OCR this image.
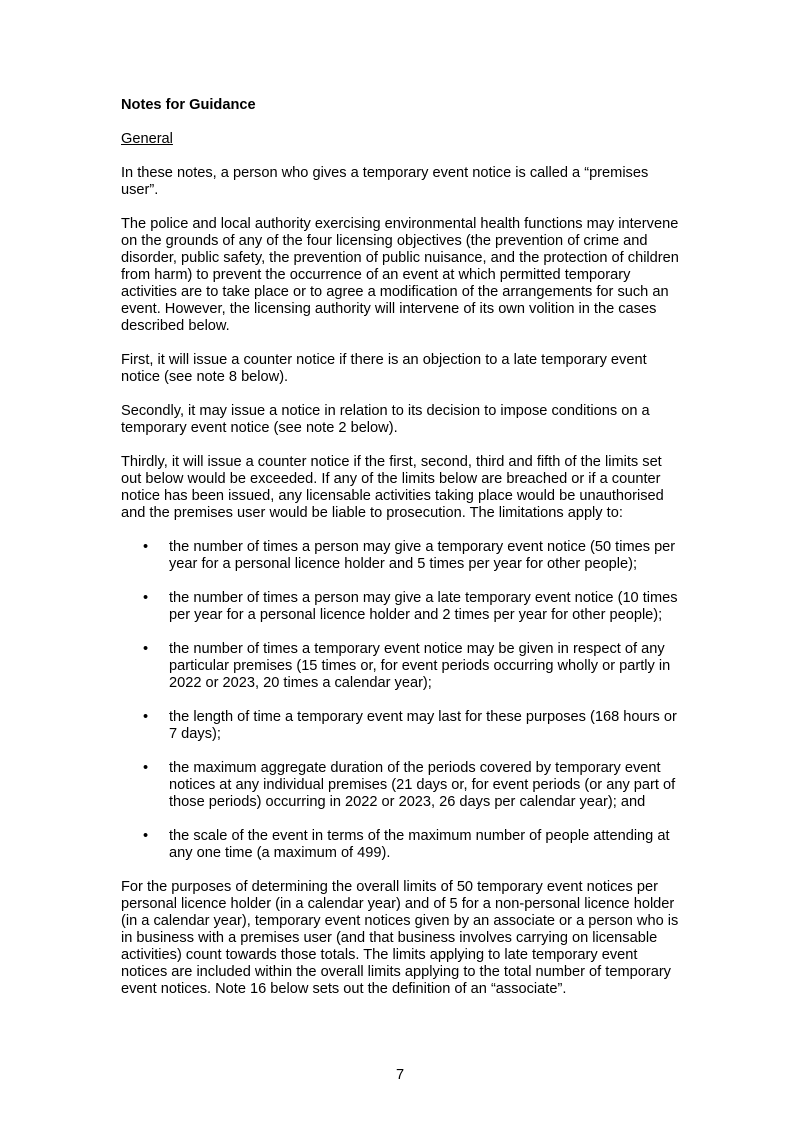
Notes for Guidance
General

In these notes, a person who gives a temporary event notice is called a “premises user”.

The police and local authority exercising environmental health functions may intervene on the grounds of any of the four licensing objectives (the prevention of crime and disorder, public safety, the prevention of public nuisance, and the protection of children from harm) to prevent the occurrence of an event at which permitted temporary activities are to take place or to agree a modification of the arrangements for such an event. However, the licensing authority will intervene of its own volition in the cases described below.

First, it will issue a counter notice if there is an objection to a late temporary event notice (see note 8 below).

Secondly, it may issue a notice in relation to its decision to impose conditions on a temporary event notice (see note 2 below).

Thirdly, it will issue a counter notice if the first, second, third and fifth of the limits set out below would be exceeded. If any of the limits below are breached or if a counter notice has been issued, any licensable activities taking place would be unauthorised and the premises user would be liable to prosecution. The limitations apply to:

• the number of times a person may give a temporary event notice (50 times per year for a personal licence holder and 5 times per year for other people);
• the number of times a person may give a late temporary event notice (10 times per year for a personal licence holder and 2 times per year for other people);
• the number of times a temporary event notice may be given in respect of any particular premises (15 times or, for event periods occurring wholly or partly in 2022 or 2023, 20 times a calendar year);
• the length of time a temporary event may last for these purposes (168 hours or 7 days);
• the maximum aggregate duration of the periods covered by temporary event notices at any individual premises (21 days or, for event periods (or any part of those periods) occurring in 2022 or 2023, 26 days per calendar year); and
• the scale of the event in terms of the maximum number of people attending at any one time (a maximum of 499).

For the purposes of determining the overall limits of 50 temporary event notices per personal licence holder (in a calendar year) and of 5 for a non-personal licence holder (in a calendar year), temporary event notices given by an associate or a person who is in business with a premises user (and that business involves carrying on licensable activities) count towards those totals. The limits applying to late temporary event notices are included within the overall limits applying to the total number of temporary event notices. Note 16 below sets out the definition of an “associate”.

7
